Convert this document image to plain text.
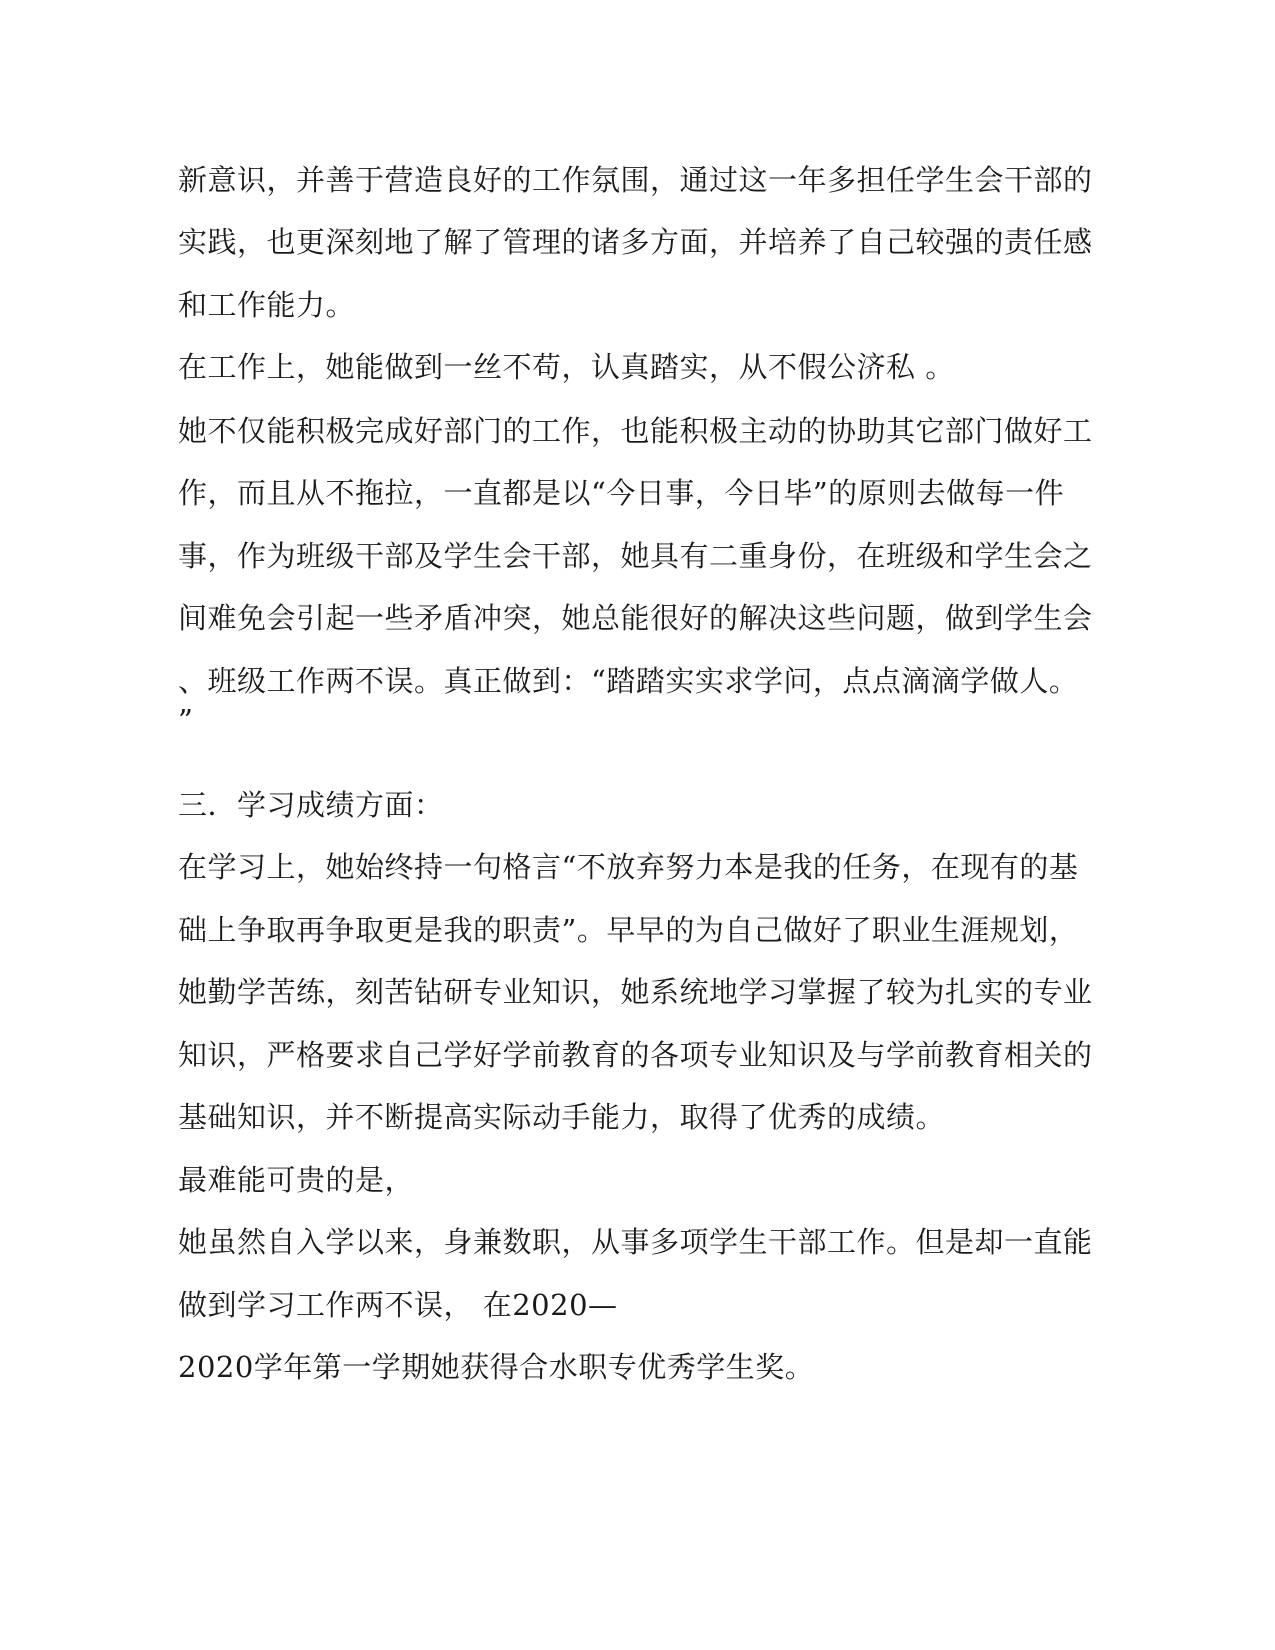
新意识，并善于营造良好的工作氛围，通过这一年多担任学生会干部的
实践，也更深刻地了解了管理的诸多方面，并培养了自己较强的责任感
和工作能力。
在工作上，她能做到一丝不苟，认真踏实，从不假公济私 。
她不仅能积极完成好部门的工作，也能积极主动的协助其它部门做好工
作，而且从不拖拉，一直都是以“今日事，今日毕”的原则去做每一件
事，作为班级干部及学生会干部，她具有二重身份，在班级和学生会之
间难免会引起一些矛盾冲突，她总能很好的解决这些问题，做到学生会
、班级工作两不误。真正做到：“踏踏实实求学问，点点滴滴学做人。
”
三．学习成绩方面：
在学习上，她始终持一句格言“不放弃努力本是我的任务，在现有的基
础上争取再争取更是我的职责”。早早的为自己做好了职业生涯规划，
她勤学苦练，刻苦钻研专业知识，她系统地学习掌握了较为扎实的专业
知识，严格要求自己学好学前教育的各项专业知识及与学前教育相关的
基础知识，并不断提高实际动手能力，取得了优秀的成绩。
最难能可贵的是，
她虽然自入学以来，身兼数职，从事多项学生干部工作。但是却一直能
做到学习工作两不误， 在2020—
2020学年第一学期她获得合水职专优秀学生奖。
